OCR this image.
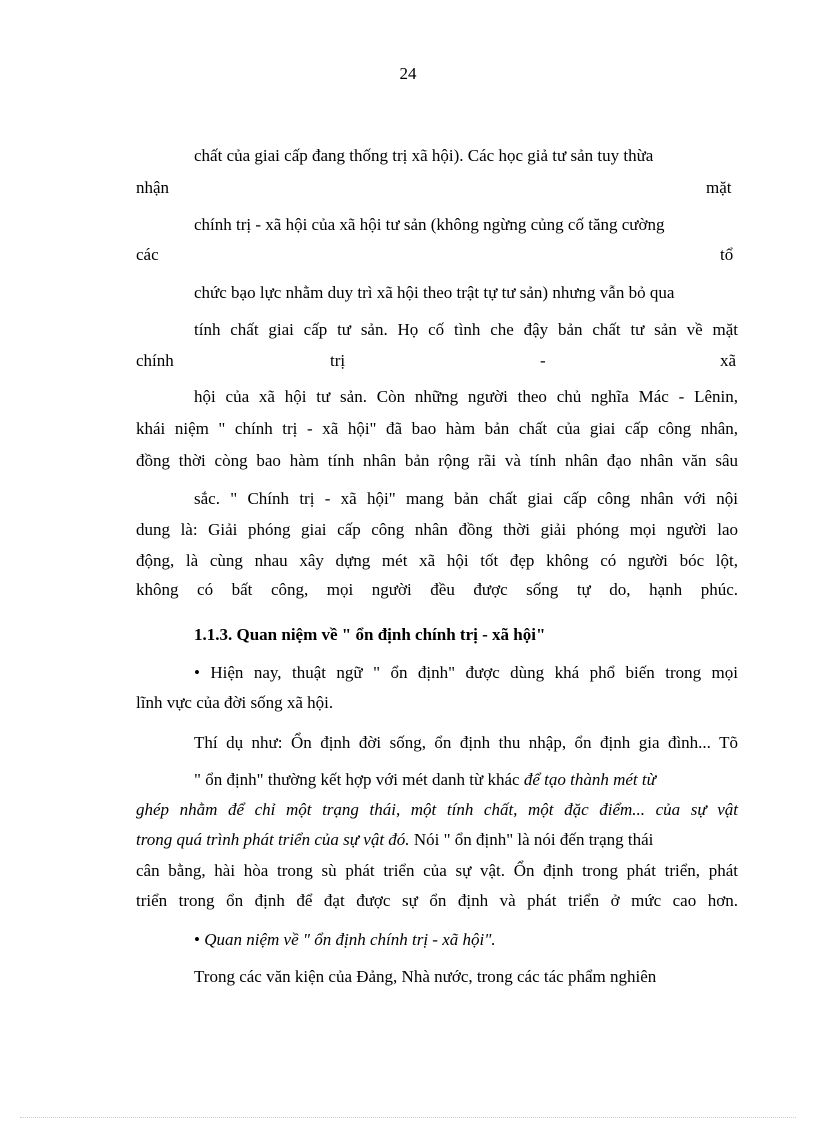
24
chất của giai cấp đang thống trị xã hội). Các học giả tư sản tuy thừa
nhận	mặt
chính trị - xã hội của xã hội tư sản (không ngừng củng cố tăng cường
các	tổ
chức bạo lực nhằm duy trì xã hội theo trật tự tư sản) nhưng vẫn bỏ qua
tính chất giai cấp tư sản. Họ cố tình che đậy bản chất tư sản về mặt
chính	trị	-	xã
hội của xã hội tư sản. Còn những người theo chủ nghĩa Mác - Lênin,
khái niệm " chính trị - xã hội" đã bao hàm bản chất của giai cấp công nhân,
đồng thời còng bao hàm tính nhân bản rộng rãi và tính nhân đạo nhân văn sâu
sắc. " Chính trị - xã hội" mang bản chất giai cấp công nhân với nội
dung là: Giải phóng giai cấp công nhân đồng thời giải phóng mọi người lao
động, là cùng nhau xây dựng mét xã hội tốt đẹp không có người bóc lột,
không có bất công, mọi người đều được sống tự do, hạnh phúc.
1.1.3. Quan niệm về " ổn định chính trị - xã hội"
• Hiện nay, thuật ngữ " ổn định" được dùng khá phổ biến trong mọi
lĩnh vực của đời sống xã hội.
Thí dụ như: Ổn định đời sống, ổn định thu nhập, ổn định gia đình... Tõ
" ổn định" thường kết hợp với mét danh từ khác để tạo thành mét từ
ghép nhằm để chỉ một trạng thái, một tính chất, một đặc điểm... của sự vật
trong quá trình phát triển của sự vật đó. Nói " ổn định" là nói đến trạng thái
cân bằng, hài hòa trong sù phát triển của sự vật. Ổn định trong phát triển, phát
triển trong ổn định để đạt được sự ổn định và phát triển ở mức cao hơn.
• Quan niệm về " ổn định chính trị - xã hội".
Trong các văn kiện của Đảng, Nhà nước, trong các tác phẩm nghiên
